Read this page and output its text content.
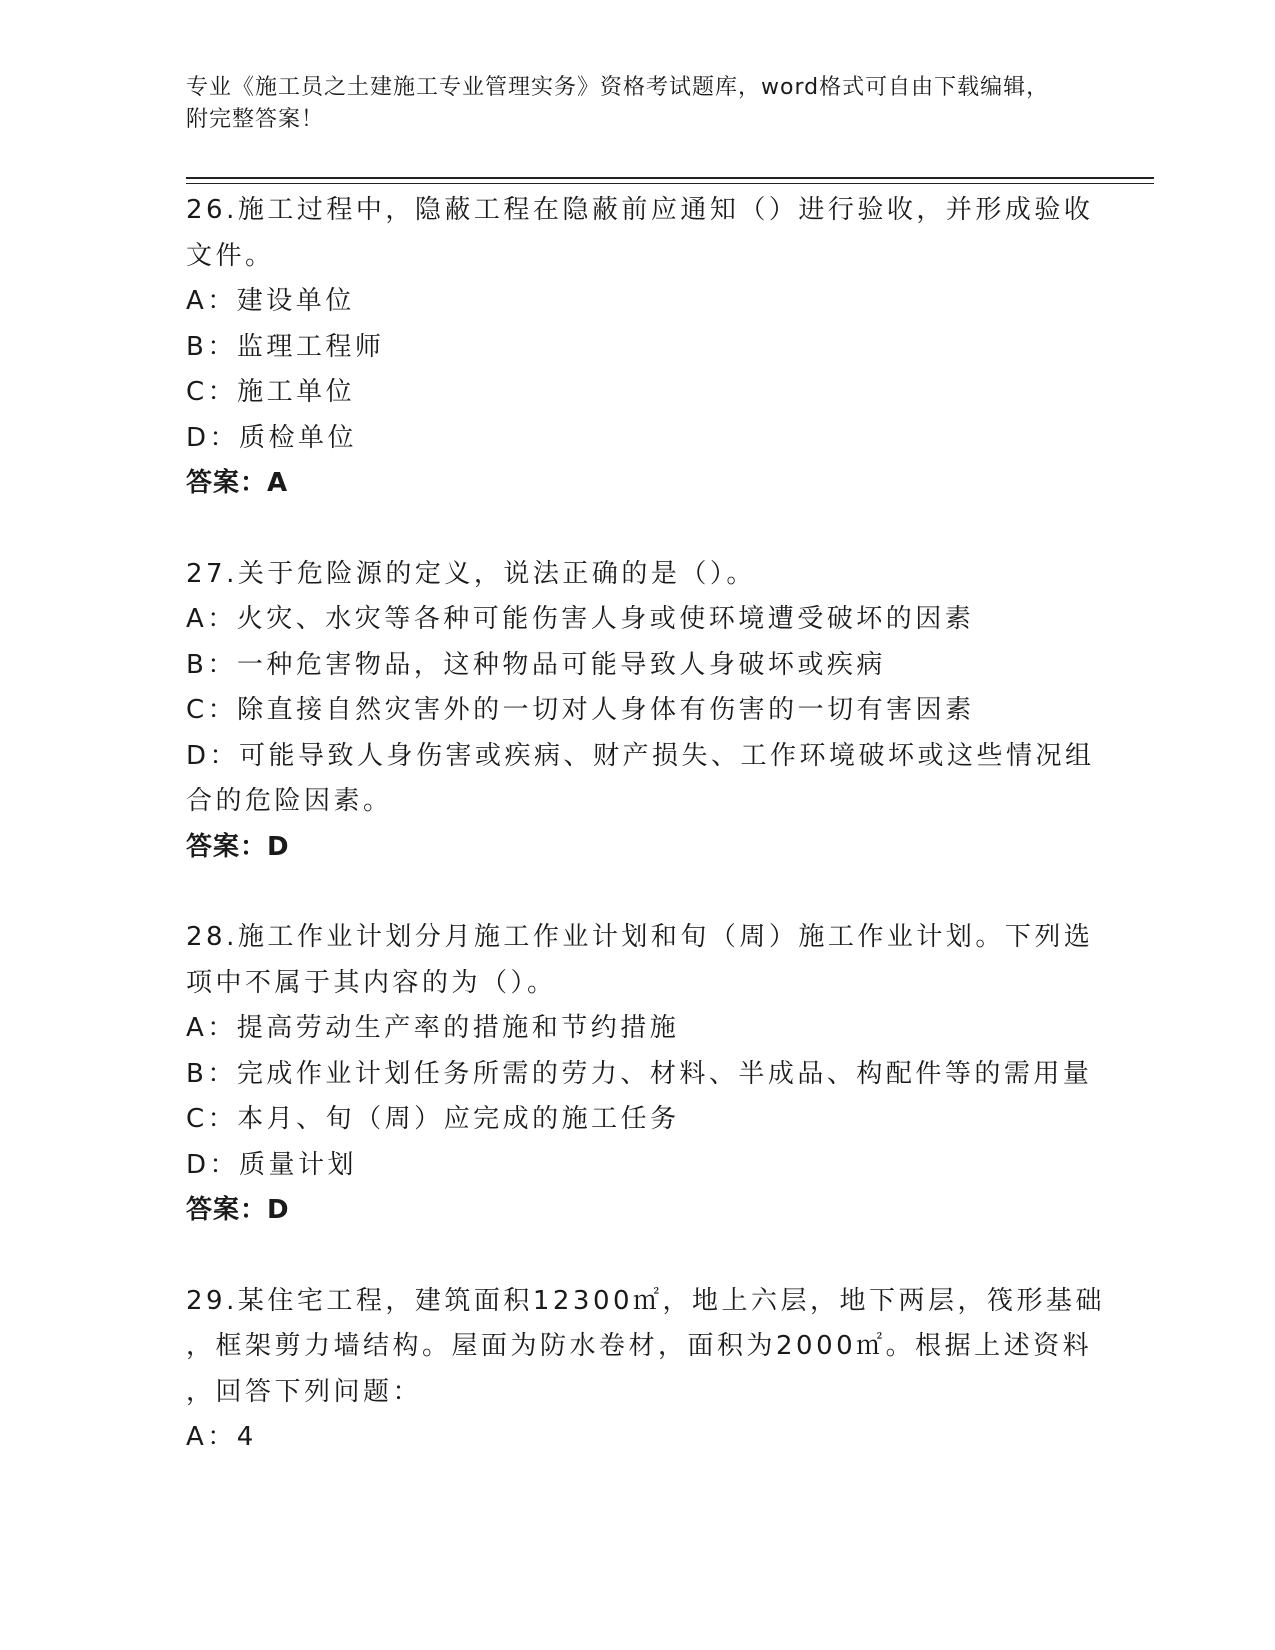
专业《施工员之土建施工专业管理实务》资格考试题库，word格式可自由下载编辑，附完整答案！
26.施工过程中，隐蔽工程在隐蔽前应通知（）进行验收，并形成验收
文件。
A：建设单位
B：监理工程师
C：施工单位
D：质检单位
答案：A
27.关于危险源的定义，说法正确的是（）。
A：火灾、水灾等各种可能伤害人身或使环境遭受破坏的因素
B：一种危害物品，这种物品可能导致人身破坏或疾病
C：除直接自然灾害外的一切对人身体有伤害的一切有害因素
D：可能导致人身伤害或疾病、财产损失、工作环境破坏或这些情况组
合的危险因素。
答案：D
28.施工作业计划分月施工作业计划和旬（周）施工作业计划。下列选
项中不属于其内容的为（）。
A：提高劳动生产率的措施和节约措施
B：完成作业计划任务所需的劳力、材料、半成品、构配件等的需用量
C：本月、旬（周）应完成的施工任务
D：质量计划
答案：D
29.某住宅工程，建筑面积12300㎡，地上六层，地下两层，筏形基础
，框架剪力墙结构。屋面为防水卷材，面积为2000㎡。根据上述资料
，回答下列问题：
A：4
